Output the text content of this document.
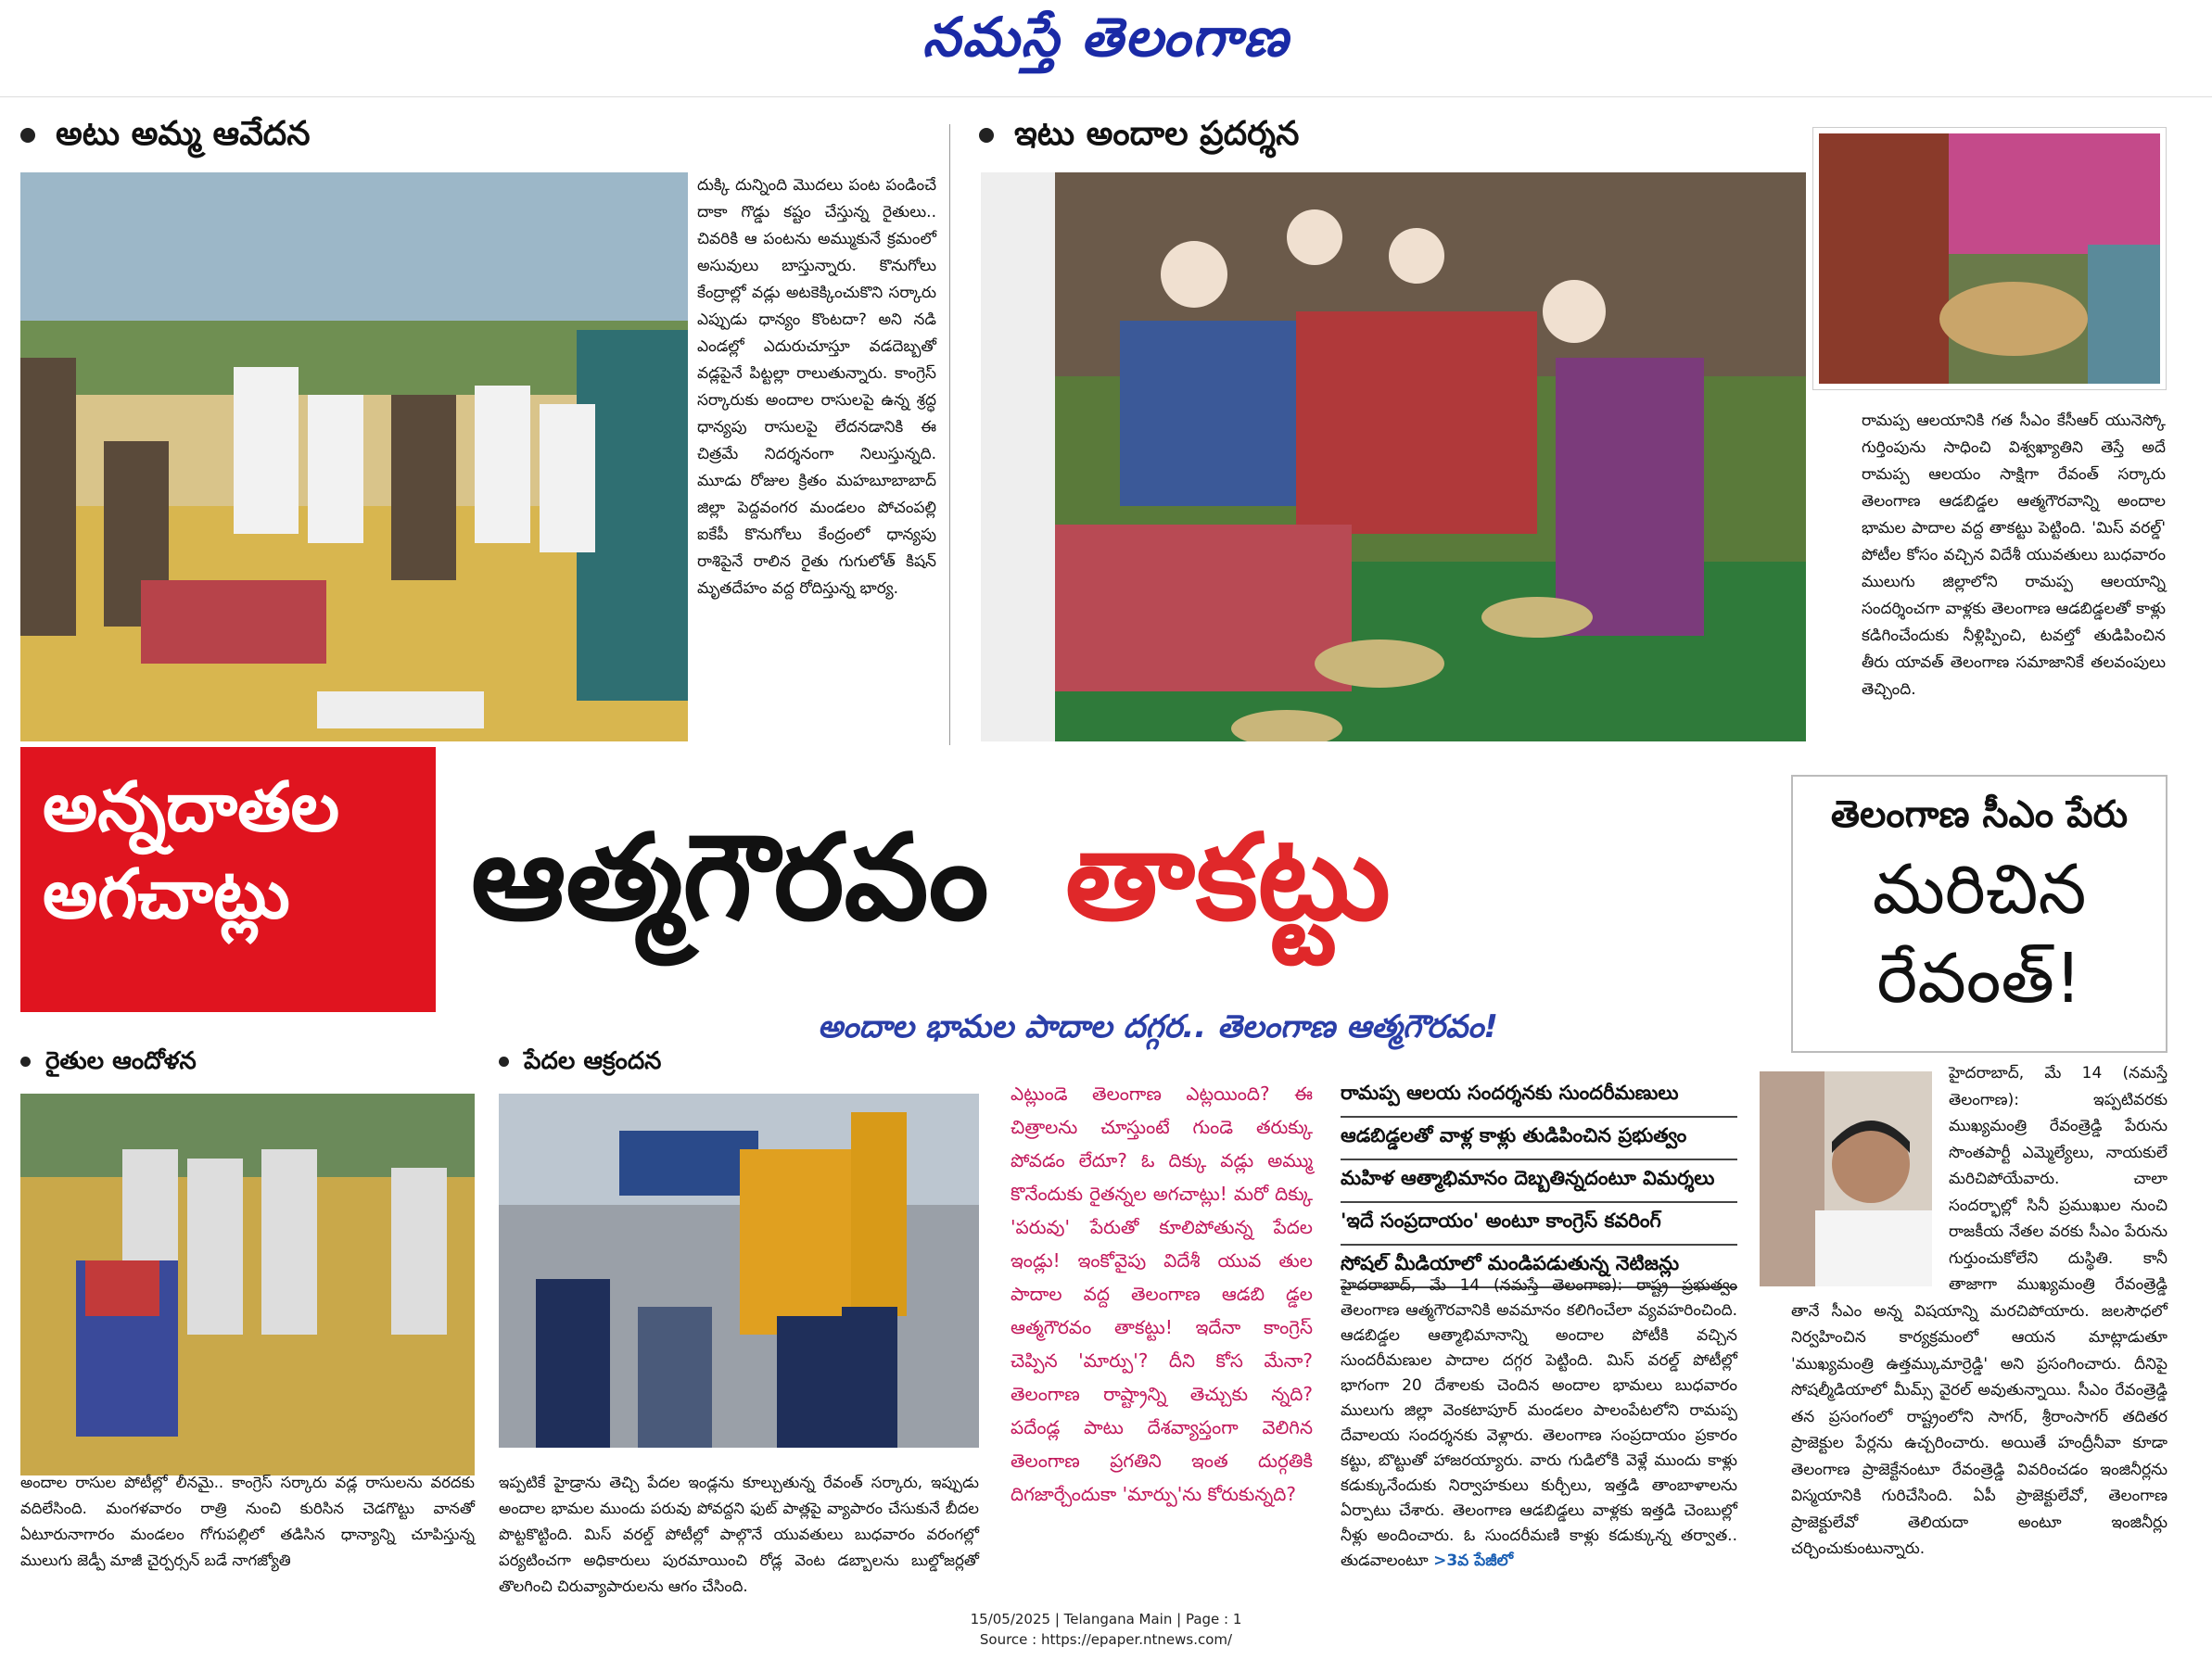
నమస్తే తెలంగాణ
అటు అమ్మ ఆవేదన

దుక్కి దున్నింది మొదలు పంట పండించే దాకా గొడ్డు కష్టం చేస్తున్న రైతులు.. చివరికి ఆ పంటను అమ్ముకునే క్రమంలో అసువులు బాస్తున్నారు. కొనుగోలు కేంద్రాల్లో వడ్లు అటకెక్కించుకొని సర్కారు ఎప్పుడు ధాన్యం కొంటదా? అని నడి ఎండల్లో ఎదురుచూస్తూ వడదెబ్బతో వడ్లపైనే పిట్టల్లా రాలుతున్నారు. కాంగ్రెస్ సర్కారుకు అందాల రాసులపై ఉన్న శ్రద్ధ ధాన్యపు రాసులపై లేదనడానికి ఈ చిత్రమే నిదర్శనంగా నిలుస్తున్నది. మూడు రోజుల క్రితం మహబూబాబాద్ జిల్లా పెద్దవంగర మండలం పోచంపల్లి ఐకేపీ కొనుగోలు కేంద్రంలో ధాన్యపు రాశిపైనే రాలిన రైతు గుగులోత్ కిషన్ మృతదేహం వద్ద రోదిస్తున్న భార్య.

ఇటు అందాల ప్రదర్శన

రామప్ప ఆలయానికి గత సీఎం కేసీఆర్ యునెస్కో గుర్తింపును సాధించి విశ్వఖ్యాతిని తెస్తే అదే రామప్ప ఆలయం సాక్షిగా రేవంత్ సర్కారు తెలంగాణ ఆడబిడ్డల ఆత్మగౌరవాన్ని అందాల భామల పాదాల వద్ద తాకట్టు పెట్టింది. 'మిస్ వరల్డ్' పోటీల కోసం వచ్చిన విదేశీ యువతులు బుధవారం ములుగు జిల్లాలోని రామప్ప ఆలయాన్ని సందర్శించగా వాళ్లకు తెలంగాణ ఆడబిడ్డలతో కాళ్లు కడిగించేందుకు నీళ్లిప్పించి, టవల్తో తుడిపించిన తీరు యావత్ తెలంగాణ సమాజానికే తలవంపులు తెచ్చింది.

అన్నదాతల
అగచాట్లు	ఆత్మగౌరవం తాకట్టు
అందాల భామల పాదాల దగ్గర.. తెలంగాణ ఆత్మగౌరవం!
తెలంగాణ సీఎం పేరు
మరిచిన
రేవంత్!
రైతుల ఆందోళన	పేదల ఆక్రందన
అందాల రాసుల పోటీల్లో లీనమై.. కాంగ్రెస్ సర్కారు వడ్ల రాసులను వరదకు వదిలేసింది. మంగళవారం రాత్రి నుంచి కురిసిన చెడగొట్టు వానతో ఏటూరునాగారం మండలం గోగుపల్లిలో తడిసిన ధాన్యాన్ని చూపిస్తున్న ములుగు జెడ్పీ మాజీ చైర్పర్సన్ బడే నాగజ్యోతి
ఇప్పటికే హైడ్రాను తెచ్చి పేదల ఇండ్లను కూల్చుతున్న రేవంత్ సర్కారు, ఇప్పుడు అందాల భామల ముందు పరువు పోవద్దని ఫుట్ పాత్లపై వ్యాపారం చేసుకునే బీదల పొట్టకొట్టింది. మిస్ వరల్డ్ పోటీల్లో పాల్గొనే యువతులు బుధవారం వరంగల్లో పర్యటించగా అధికారులు పురమాయించి రోడ్ల వెంట డబ్బాలను బుల్డోజర్లతో తొలగించి చిరువ్యాపారులను ఆగం చేసింది.
ఎట్లుండె తెలంగాణ ఎట్లయింది? ఈ చిత్రాలను చూస్తుంటే గుండె తరుక్కు పోవడం లేదూ? ఓ దిక్కు వడ్లు అమ్ము కొనేందుకు రైతన్నల అగచాట్లు! మరో దిక్కు 'పరువు' పేరుతో కూలిపోతున్న పేదల ఇండ్లు! ఇంకోవైపు విదేశీ యువ తుల పాదాల వద్ద తెలంగాణ ఆడబి డ్డల ఆత్మగౌరవం తాకట్టు! ఇదేనా కాంగ్రెస్ చెప్పిన 'మార్పు'? దీని కోస మేనా? తెలంగాణ రాష్ట్రాన్ని తెచ్చుకు న్నది? పదేండ్ల పాటు దేశవ్యాప్తంగా వెలిగిన తెలంగాణ ప్రగతిని ఇంత దుర్గతికి దిగజార్చేందుకా 'మార్పు'ను కోరుకున్నది?
రామప్ప ఆలయ సందర్శనకు సుందరీమణులు
ఆడబిడ్డలతో వాళ్ల కాళ్లు తుడిపించిన ప్రభుత్వం
మహిళ ఆత్మాభిమానం దెబ్బతిన్నదంటూ విమర్శలు
'ఇదే సంప్రదాయం' అంటూ కాంగ్రెస్ కవరింగ్
సోషల్ మీడియాలో మండిపడుతున్న నెటిజన్లు
హైదరాబాద్, మే 14 (నమస్తే తెలంగాణ): రాష్ట్ర ప్రభుత్వం తెలంగాణ ఆత్మగౌరవానికి అవమానం కలిగించేలా వ్యవహరించింది. ఆడబిడ్డల ఆత్మాభిమానాన్ని అందాల పోటీకి వచ్చిన సుందరీమణుల పాదాల దగ్గర పెట్టింది. మిస్ వరల్డ్ పోటీల్లో భాగంగా 20 దేశాలకు చెందిన అందాల భామలు బుధవారం ములుగు జిల్లా వెంకటాపూర్ మండలం పాలంపేటలోని రామప్ప దేవాలయ సందర్శనకు వెళ్లారు. తెలంగాణ సంప్రదాయం ప్రకారం కట్టు, బొట్టుతో హాజరయ్యారు. వారు గుడిలోకి వెళ్లే ముందు కాళ్లు కడుక్కునేందుకు నిర్వాహకులు కుర్చీలు, ఇత్తడి తాంబాళాలను ఏర్పాటు చేశారు. తెలంగాణ ఆడబిడ్డలు వాళ్లకు ఇత్తడి చెంబుల్లో నీళ్లు అందించారు. ఓ సుందరీమణి కాళ్లు కడుక్కున్న తర్వాత.. తుడవాలంటూ >3వ పేజీలో
హైదరాబాద్, మే 14 (నమస్తే తెలంగాణ): ఇప్పటివరకు ముఖ్యమంత్రి రేవంత్రెడ్డి పేరును సొంతపార్టీ ఎమ్మెల్యేలు, నాయకులే మరిచిపోయేవారు. చాలా సందర్భాల్లో సినీ ప్రముఖుల నుంచి రాజకీయ నేతల వరకు సీఎం పేరును గుర్తుంచుకోలేని దుస్థితి. కానీ తాజాగా ముఖ్యమంత్రి రేవంత్రెడ్డి తానే సీఎం అన్న విషయాన్ని మరచిపోయారు. జలసౌధలో నిర్వహించిన కార్యక్రమంలో ఆయన మాట్లాడుతూ 'ముఖ్యమంత్రి ఉత్తమ్కుమార్రెడ్డి' అని ప్రసంగించారు. దీనిపై సోషల్మీడియాలో మీమ్స్ వైరల్ అవుతున్నాయి. సీఎం రేవంత్రెడ్డి తన ప్రసంగంలో రాష్ట్రంలోని సాగర్, శ్రీరాంసాగర్ తదితర ప్రాజెక్టుల పేర్లను ఉచ్చరించారు. అయితే హంద్రీనీవా కూడా తెలంగాణ ప్రాజెక్టేనంటూ రేవంత్రెడ్డి వివరించడం ఇంజినీర్లను విస్మయానికి గురిచేసింది. ఏపీ ప్రాజెక్టులేవో, తెలంగాణ ప్రాజెక్టులేవో తెలియదా అంటూ ఇంజినీర్లు చర్చించుకుంటున్నారు.
15/05/2025 | Telangana Main | Page : 1
Source : https://epaper.ntnews.com/
